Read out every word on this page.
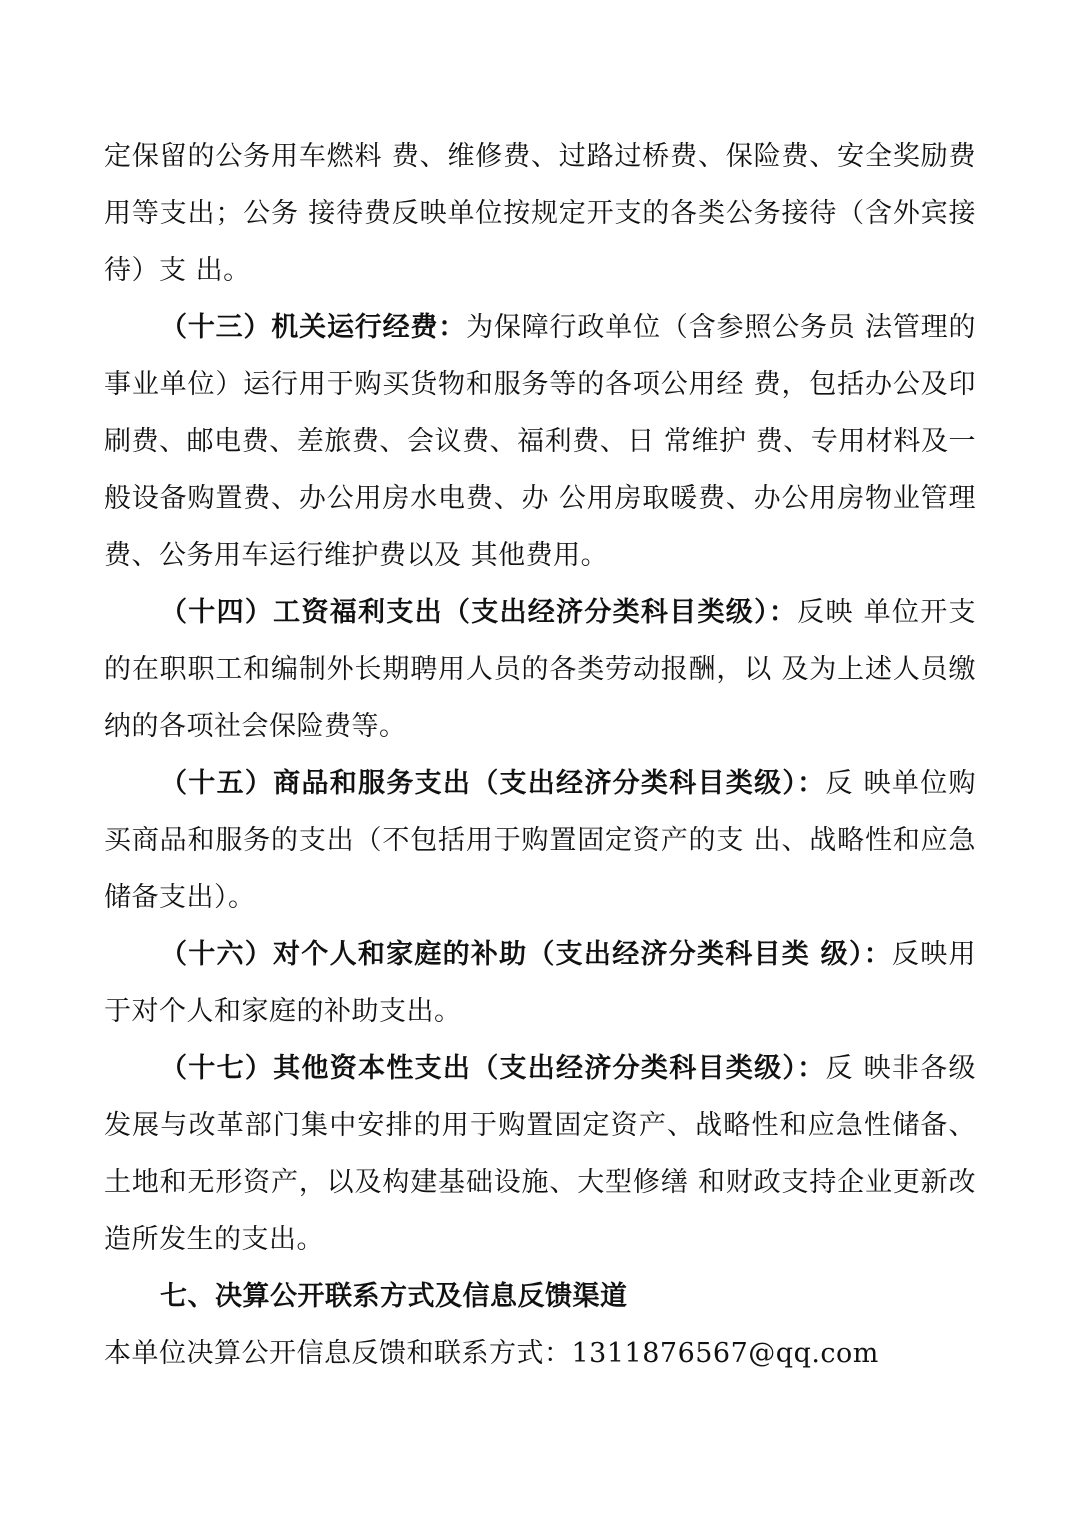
定保留的公务用车燃料 费、维修费、过路过桥费、保险费、安全奖励费用等支出；公务 接待费反映单位按规定开支的各类公务接待（含外宾接待）支 出。

（十三）机关运行经费：为保障行政单位（含参照公务员 法管理的事业单位）运行用于购买货物和服务等的各项公用经 费，包括办公及印刷费、邮电费、差旅费、会议费、福利费、日 常维护 费、专用材料及一般设备购置费、办公用房水电费、办 公用房取暖费、办公用房物业管理费、公务用车运行维护费以及 其他费用。

（十四）工资福利支出（支出经济分类科目类级）：反映 单位开支的在职职工和编制外长期聘用人员的各类劳动报酬，以 及为上述人员缴纳的各项社会保险费等。

（十五）商品和服务支出（支出经济分类科目类级）：反 映单位购买商品和服务的支出（不包括用于购置固定资产的支 出、战略性和应急储备支出）。

（十六）对个人和家庭的补助（支出经济分类科目类 级）：反映用于对个人和家庭的补助支出。

（十七）其他资本性支出（支出经济分类科目类级）：反 映非各级发展与改革部门集中安排的用于购置固定资产、战略性和应急性储备、土地和无形资产，以及构建基础设施、大型修缮 和财政支持企业更新改造所发生的支出。

七、决算公开联系方式及信息反馈渠道

本单位决算公开信息反馈和联系方式：1311876567@qq.com
